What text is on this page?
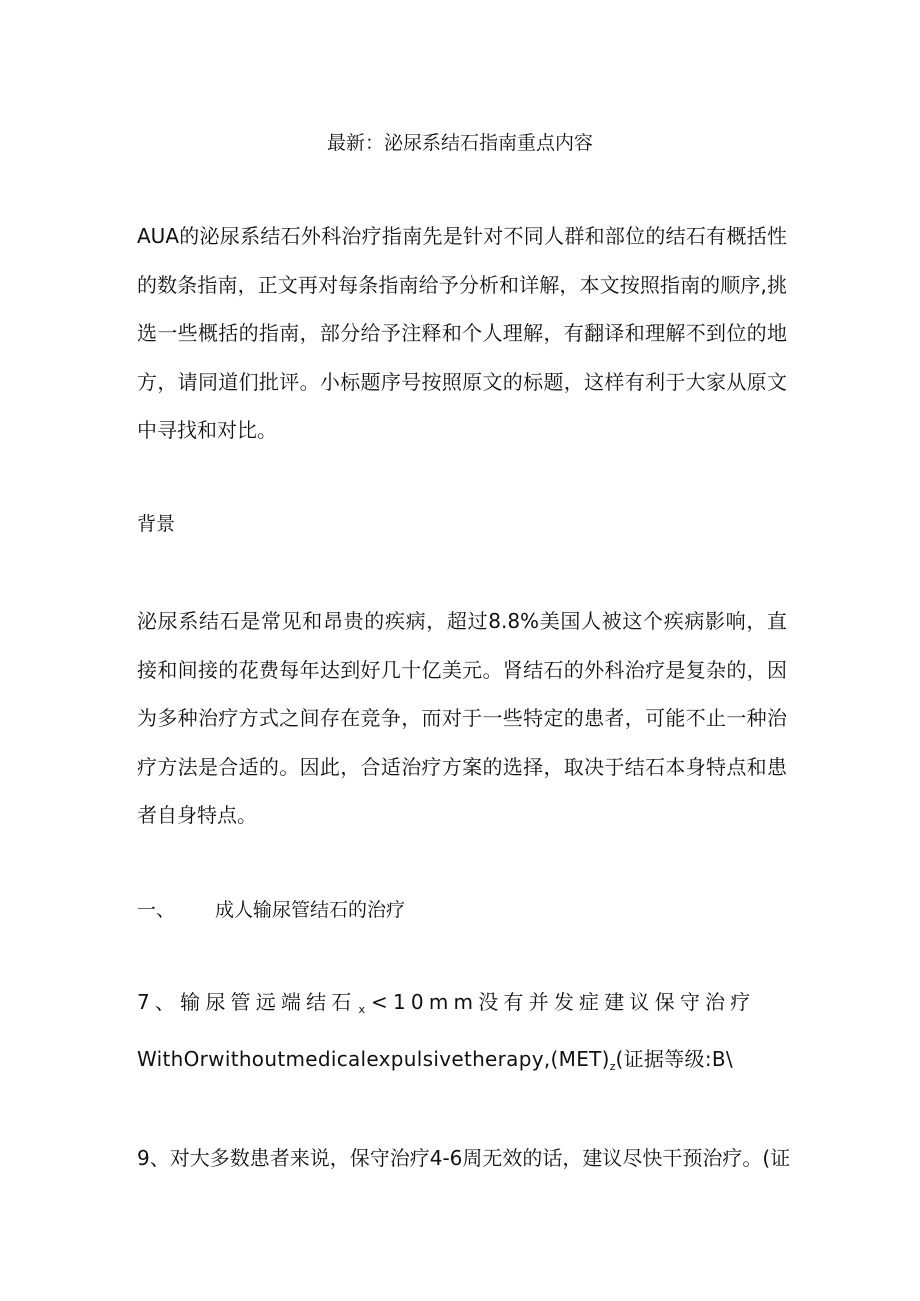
最新：泌尿系结石指南重点内容

AUA的泌尿系结石外科治疗指南先是针对不同人群和部位的结石有概括性的数条指南，正文再对每条指南给予分析和详解，本文按照指南的顺序,挑选一些概括的指南，部分给予注释和个人理解，有翻译和理解不到位的地方，请同道们批评。小标题序号按照原文的标题，这样有利于大家从原文中寻找和对比。

背景

泌尿系结石是常见和昂贵的疾病，超过8.8%美国人被这个疾病影响，直接和间接的花费每年达到好几十亿美元。肾结石的外科治疗是复杂的，因为多种治疗方式之间存在竞争，而对于一些特定的患者，可能不止一种治疗方法是合适的。因此，合适治疗方案的选择，取决于结石本身特点和患者自身特点。

一、 成人输尿管结石的治疗

7、输尿管远端结石 $_x$ <10mm没有并发症建议保守治疗
$WithOrwithoutmedicalexpulsivetherapy,(MET)_z$(证据等级:B\

9、对大多数患者来说，保守治疗4-6周无效的话，建议尽快干预治疗。(证
